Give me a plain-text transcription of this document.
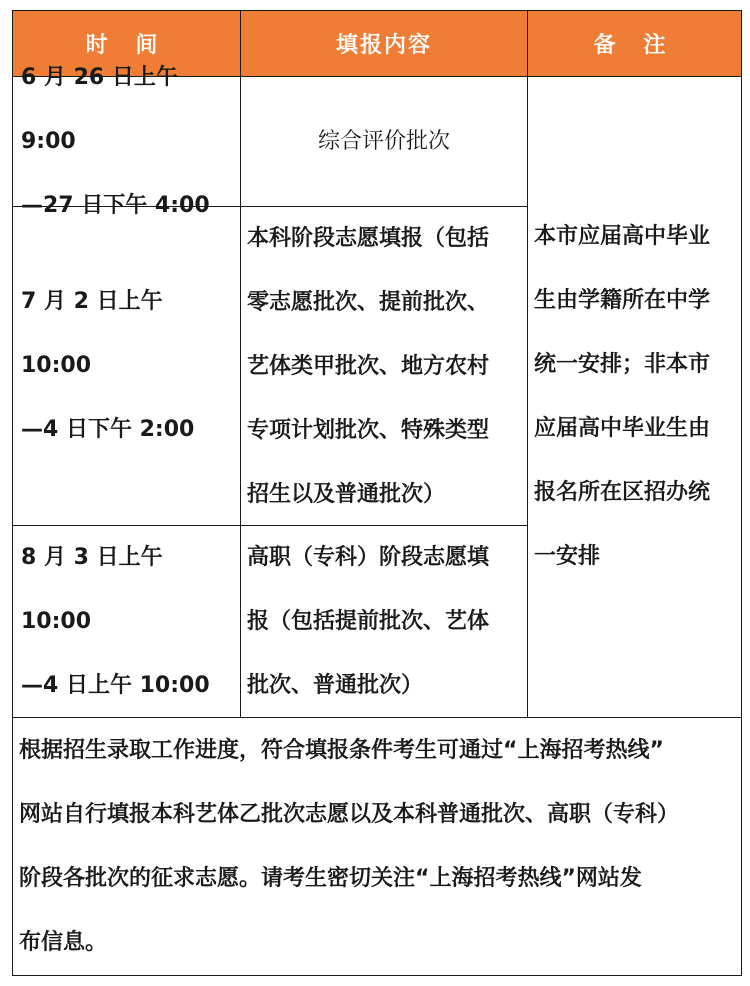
时 间	填报内容	备 注
6 月 26 日上午 9:00
—27 日下午 4:00
综合评价批次
7 月 2 日上午 10:00
—4 日下午 2:00
本科阶段志愿填报（包括
零志愿批次、提前批次、
艺体类甲批次、地方农村
专项计划批次、特殊类型
招生以及普通批次）
8 月 3 日上午 10:00
—4 日上午 10:00
高职（专科）阶段志愿填
报（包括提前批次、艺体
批次、普通批次）
本市应届高中毕业
生由学籍所在中学
统一安排；非本市
应届高中毕业生由
报名所在区招办统
一安排
根据招生录取工作进度，符合填报条件考生可通过“上海招考热线”
网站自行填报本科艺体乙批次志愿以及本科普通批次、高职（专科）
阶段各批次的征求志愿。请考生密切关注“上海招考热线”网站发
布信息。
